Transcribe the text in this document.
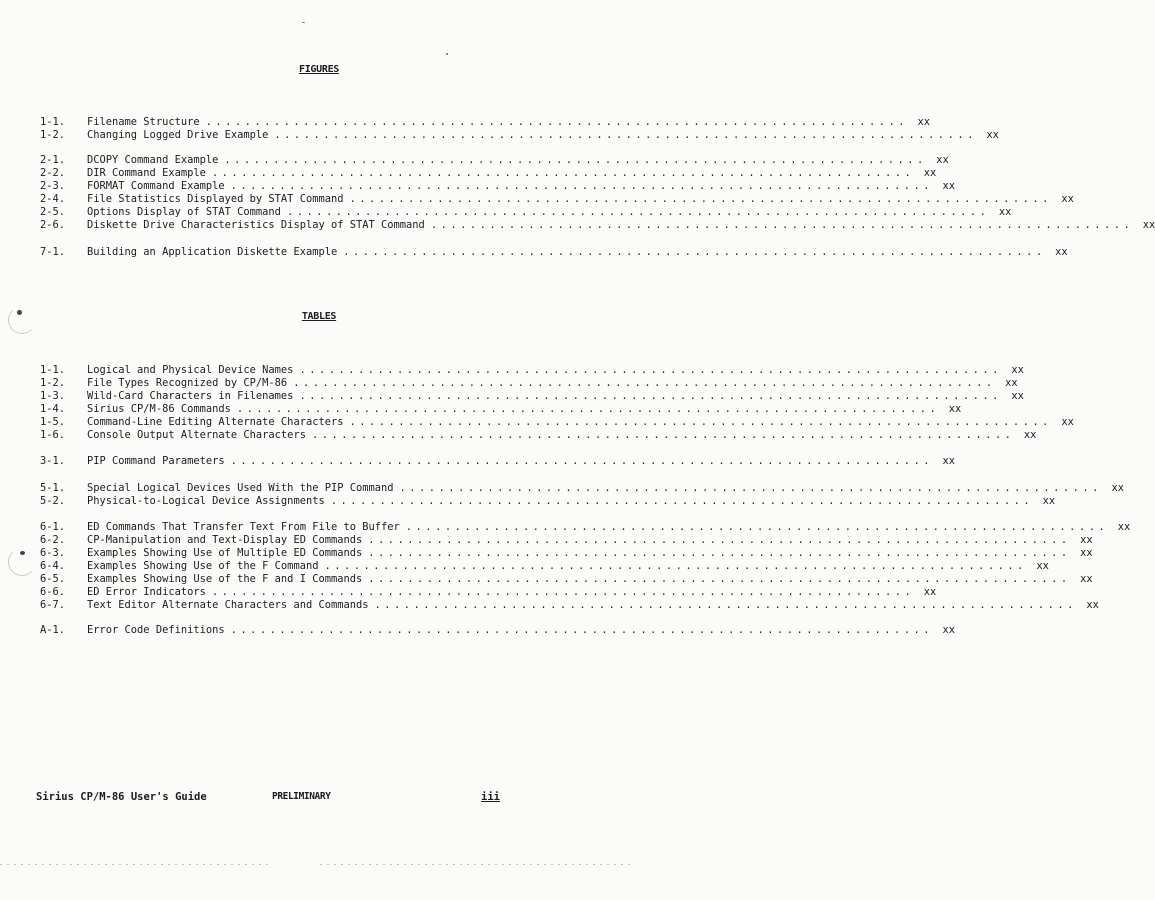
FIGURES
1-1.	Filename Structure ........................................................................ xx
1-2.	Changing Logged Drive Example ........................................................................ xx
2-1.	DCOPY Command Example ........................................................................ xx
2-2.	DIR Command Example ........................................................................ xx
2-3.	FORMAT Command Example ........................................................................ xx
2-4.	File Statistics Displayed by STAT Command ........................................................................ xx
2-5.	Options Display of STAT Command ........................................................................ xx
2-6.	Diskette Drive Characteristics Display of STAT Command ........................................................................ xx
7-1.	Building an Application Diskette Example ........................................................................ xx
TABLES
1-1.	Logical and Physical Device Names ........................................................................ xx
1-2.	File Types Recognized by CP/M-86 ........................................................................ xx
1-3.	Wild-Card Characters in Filenames ........................................................................ xx
1-4.	Sirius CP/M-86 Commands ........................................................................ xx
1-5.	Command-Line Editing Alternate Characters ........................................................................ xx
1-6.	Console Output Alternate Characters ........................................................................ xx
3-1.	PIP Command Parameters ........................................................................ xx
5-1.	Special Logical Devices Used With the PIP Command ........................................................................ xx
5-2.	Physical-to-Logical Device Assignments ........................................................................ xx
6-1.	ED Commands That Transfer Text From File to Buffer ........................................................................ xx
6-2.	CP-Manipulation and Text-Display ED Commands ........................................................................ xx
6-3.	Examples Showing Use of Multiple ED Commands ........................................................................ xx
6-4.	Examples Showing Use of the F Command ........................................................................ xx
6-5.	Examples Showing Use of the F and I Commands ........................................................................ xx
6-6.	ED Error Indicators ........................................................................ xx
6-7.	Text Editor Alternate Characters and Commands ........................................................................ xx
A-1.	Error Code Definitions ........................................................................ xx
Sirius CP/M-86 User's Guide	PRELIMINARY	iii
